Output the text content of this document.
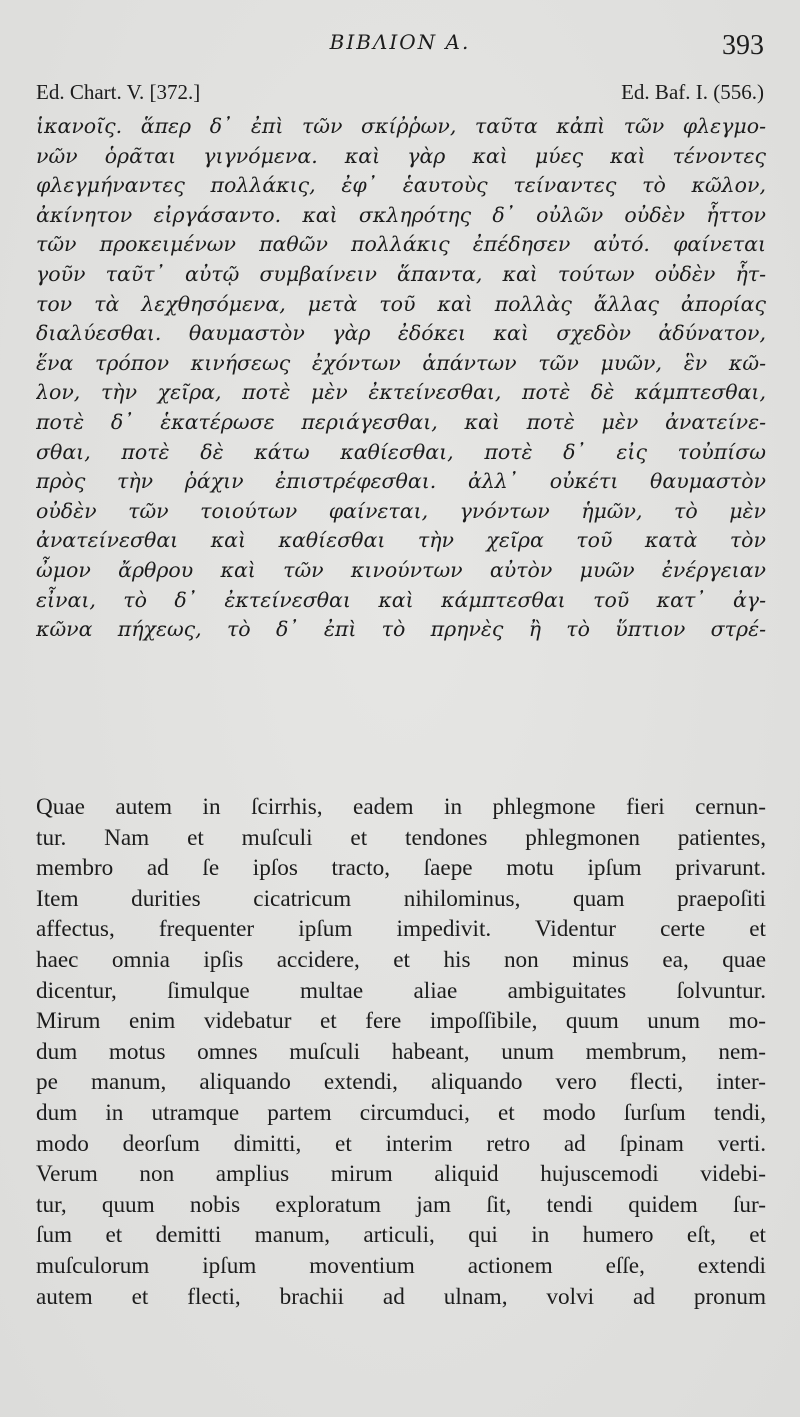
BIBΛION A.	393
Ed. Chart. V. [372.]	Ed. Baf. I. (556.)
ἱκανοῖς. ἅπερ δ᾽ ἐπὶ τῶν σκίῤῥων, ταῦτα κἀπὶ τῶν φλεγμο-
νῶν ὁρᾶται γιγνόμενα. καὶ γὰρ καὶ μύες καὶ τένοντες
φλεγμήναντες πολλάκις, ἐφ᾽ ἑαυτοὺς τείναντες τὸ κῶλον,
ἀκίνητον εἰργάσαντο. καὶ σκληρότης δ᾽ οὐλῶν οὐδὲν ἧττον
τῶν προκειμένων παθῶν πολλάκις ἐπέδησεν αὐτό. φαίνεται
γοῦν ταῦτ᾽ αὐτῷ συμβαίνειν ἅπαντα, καὶ τούτων οὐδὲν ἧτ-
τον τὰ λεχθησόμενα, μετὰ τοῦ καὶ πολλὰς ἄλλας ἀπορίας
διαλύεσθαι. θαυμαστὸν γὰρ ἐδόκει καὶ σχεδὸν ἀδύνατον,
ἕνα τρόπον κινήσεως ἐχόντων ἁπάντων τῶν μυῶν, ἓν κῶ-
λον, τὴν χεῖρα, ποτὲ μὲν ἐκτείνεσθαι, ποτὲ δὲ κάμπτεσθαι,
ποτὲ δ᾽ ἑκατέρωσε περιάγεσθαι, καὶ ποτὲ μὲν ἀνατείνε-
σθαι, ποτὲ δὲ κάτω καθίεσθαι, ποτὲ δ᾽ εἰς τοὐπίσω
πρὸς τὴν ῥάχιν ἐπιστρέφεσθαι. ἀλλ᾽ οὐκέτι θαυμαστὸν
οὐδὲν τῶν τοιούτων φαίνεται, γνόντων ἡμῶν, τὸ μὲν
ἀνατείνεσθαι καὶ καθίεσθαι τὴν χεῖρα τοῦ κατὰ τὸν
ὦμον ἄρθρου καὶ τῶν κινούντων αὐτὸν μυῶν ἐνέργειαν
εἶναι, τὸ δ᾽ ἐκτείνεσθαι καὶ κάμπτεσθαι τοῦ κατ᾽ ἀγ-
κῶνα πήχεως, τὸ δ᾽ ἐπὶ τὸ πρηνὲς ἢ τὸ ὕπτιον στρέ-
Quae autem in ſcirrhis, eadem in phlegmone fieri cernun-
tur. Nam et muſculi et tendones phlegmonen patientes,
membro ad ſe ipſos tracto, ſaepe motu ipſum privarunt.
Item durities cicatricum nihilominus, quam praepoſiti
affectus, frequenter ipſum impedivit. Videntur certe et
haec omnia ipſis accidere, et his non minus ea, quae
dicentur, ſimulque multae aliae ambiguitates ſolvuntur.
Mirum enim videbatur et fere impoſſibile, quum unum mo-
dum motus omnes muſculi habeant, unum membrum, nem-
pe manum, aliquando extendi, aliquando vero flecti, inter-
dum in utramque partem circumduci, et modo ſurſum tendi,
modo deorſum dimitti, et interim retro ad ſpinam verti.
Verum non amplius mirum aliquid hujuscemodi videbi-
tur, quum nobis exploratum jam ſit, tendi quidem ſur-
ſum et demitti manum, articuli, qui in humero eſt, et
muſculorum ipſum moventium actionem eſſe, extendi
autem et flecti, brachii ad ulnam, volvi ad pronum
